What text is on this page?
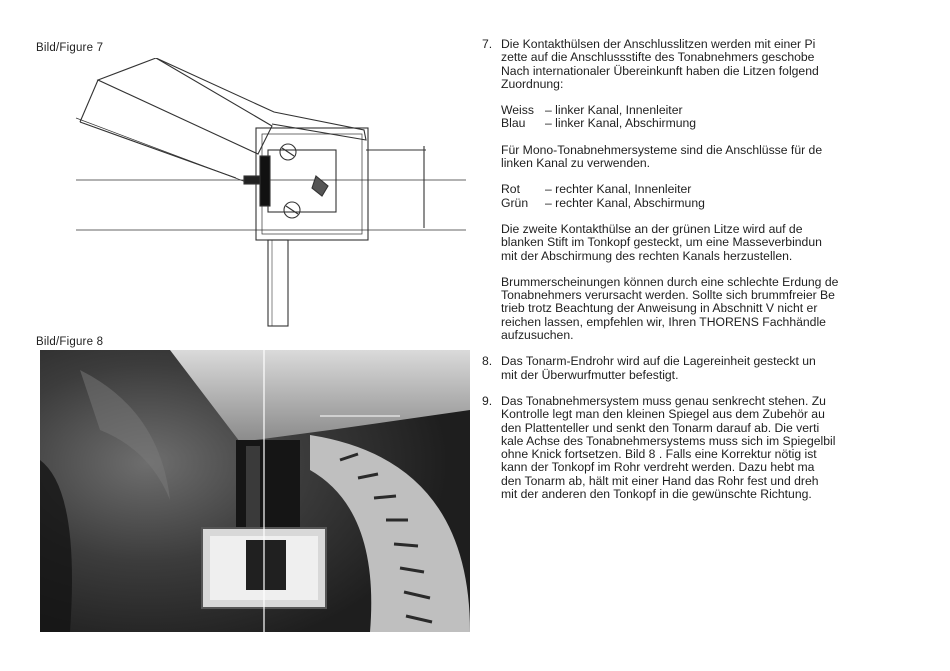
Bild/Figure 7
Bild/Figure 8
7. Die Kontakthülsen der Anschlusslitzen werden mit einer Pi
zette auf die Anschlussstifte des Tonabnehmers geschobe
Nach internationaler Übereinkunft haben die Litzen folgend
Zuordnung:
Weiss – linker Kanal, Innenleiter
Blau	– linker Kanal, Abschirmung
Für Mono-Tonabnehmersysteme sind die Anschlüsse für de
linken Kanal zu verwenden.
Rot	– rechter Kanal, Innenleiter
Grün	– rechter Kanal, Abschirmung
Die zweite Kontakthülse an der grünen Litze wird auf de
blanken Stift im Tonkopf gesteckt, um eine Masseverbindun
mit der Abschirmung des rechten Kanals herzustellen.
Brummerscheinungen können durch eine schlechte Erdung de
Tonabnehmers verursacht werden. Sollte sich brummfreier Be
trieb trotz Beachtung der Anweisung in Abschnitt V nicht er
reichen lassen, empfehlen wir, Ihren THORENS Fachhändle
aufzusuchen.
8. Das Tonarm-Endrohr wird auf die Lagereinheit gesteckt un
mit der Überwurfmutter befestigt.
9. Das Tonabnehmersystem muss genau senkrecht stehen. Zu
Kontrolle legt man den kleinen Spiegel aus dem Zubehör au
den Plattenteller und senkt den Tonarm darauf ab. Die verti
kale Achse des Tonabnehmersystems muss sich im Spiegelbil
ohne Knick fortsetzen. Bild 8 . Falls eine Korrektur nötig ist
kann der Tonkopf im Rohr verdreht werden. Dazu hebt ma
den Tonarm ab, hält mit einer Hand das Rohr fest und dreh
mit der anderen den Tonkopf in die gewünschte Richtung.
